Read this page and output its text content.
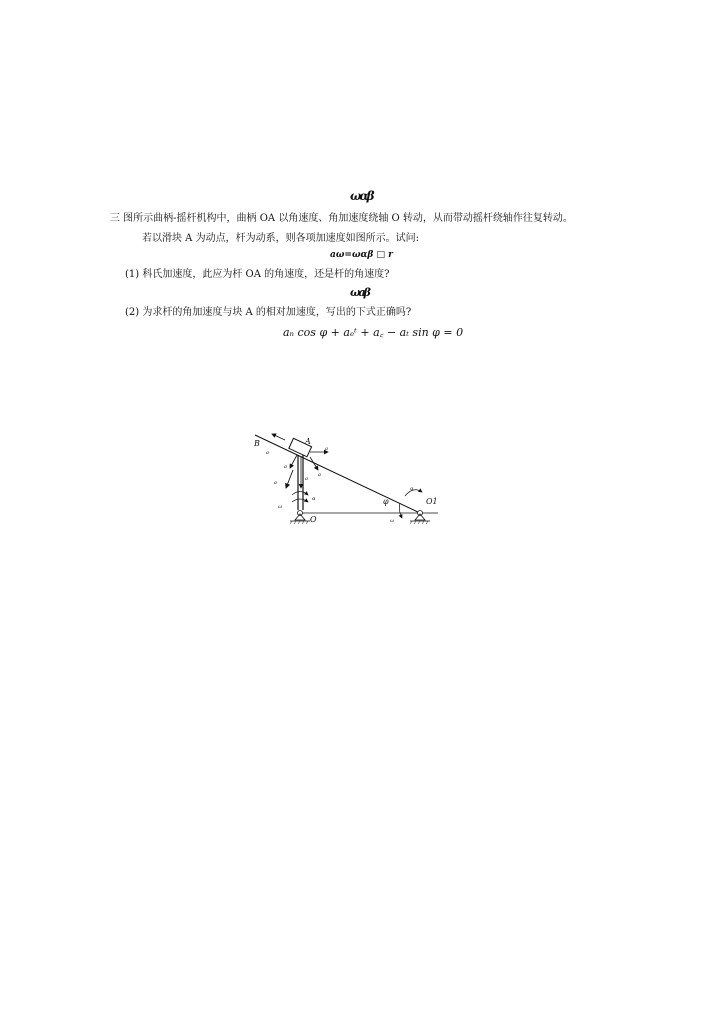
ωαβ
三 图所示曲柄-摇杆机构中，曲柄 OA 以角速度、角加速度绕轴 O 转动，从而带动摇杆绕轴作往复转动。
若以滑块 A 为动点，杆为动系，则各项加速度如图所示。试问:
aω=ωαβ □ r
(1) 科氏加速度，此应为杆 OA 的角速度，还是杆的角速度?
ωaβ
(2) 为求杆的角加速度与块 A 的相对加速度，写出的下式正确吗?
aₙ cos φ + aₑᵗ + a꜀ − aₜ sin φ = 0
B	A
a
a
a
a
a
a
α
ω
O
φ
α
O1
ω
